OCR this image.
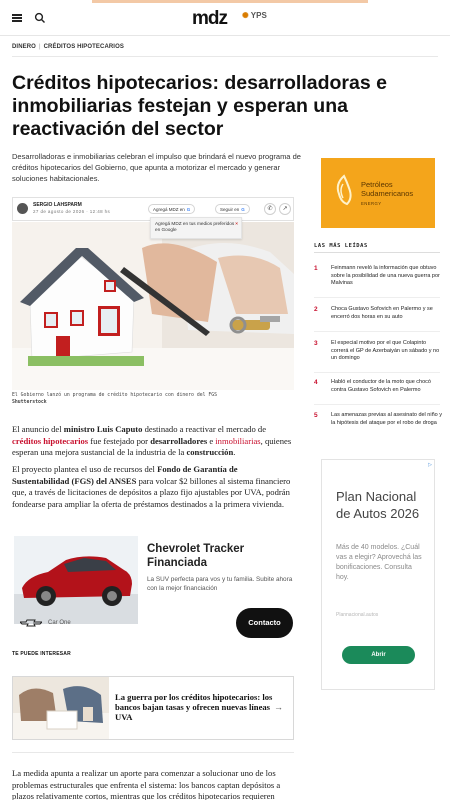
mdz ✺ YPS
DINERO | CRÉDITOS HIPOTECARIOS
Créditos hipotecarios: desarrolladoras e inmobiliarias festejan y esperan una reactivación del sector

Desarrolladoras e inmobiliarias celebran el impulso que brindará el nuevo programa de créditos hipotecarios del Gobierno, que apunta a motorizar el mercado y generar soluciones habitacionales.

SERGIO LAHSPARM
27 de agosto de 2026 · 12:48 hs	Agregá MDZ en G	Seguir en G	✆	↗
Agregá MDZ en tus medios preferidos en Google
×

El Gobierno lanzó un programa de crédito hipotecario con dinero del FGS
Shutterstock

El anuncio del ministro Luis Caputo destinado a reactivar el mercado de créditos hipotecarios fue festejado por desarrolladores e inmobiliarias, quienes esperan una mejora sustancial de la industria de la construcción.

El proyecto plantea el uso de recursos del Fondo de Garantía de Sustentabilidad (FGS) del ANSES para volcar $2 billones al sistema financiero que, a través de licitaciones de depósitos a plazo fijo ajustables por UVA, podrán fondearse para ampliar la oferta de préstamos destinados a la primera vivienda.

Chevrolet Tracker Financiada
La SUV perfecta para vos y tu familia. Subite ahora con la mejor financiación
Car One	Contacto
TE PUEDE INTERESAR
La guerra por los créditos hipotecarios: los bancos bajan tasas y ofrecen nuevas líneas UVA
→

La medida apunta a realizar un aporte para comenzar a solucionar uno de los problemas estructurales que enfrenta el sistema: los bancos captan depósitos a plazos relativamente cortos, mientras que los créditos hipotecarios requieren

Petróleos Sudamericanos
ENERGY
LAS MÁS LEÍDAS
1 Feinmann reveló la información que obtuvo sobre la posibilidad de una nueva guerra por Malvinas
2 Choca Gustavo Sofovich en Palermo y se encerró dos horas en su auto
3 El especial motivo por el que Colapinto correrá el GP de Azerbaiyán un sábado y no un domingo
4 Habló el conductor de la moto que chocó contra Gustavo Sofovich en Palermo
5 Las amenazas previas al asesinato del niño y la hipótesis del ataque por el robo de droga
▷
Plan Nacional de Autos 2026
Más de 40 modelos. ¿Cuál vas a elegir? Aprovechá las bonificaciones. Consulta hoy.
Plannacional.autos
Abrir
